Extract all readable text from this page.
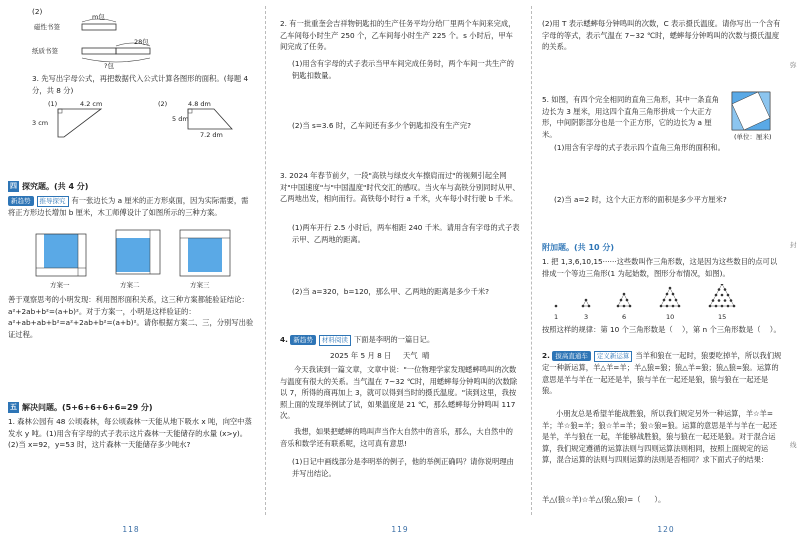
(2)
磁性书签
m包
纸质书签
28包
?包
3. 先写出字母公式，再把数据代入公式计算各图形的面积。(每题 4 分，共 8 分)
(1)	4.2 cm
3 cm
(2)	4.8 dm
5 dm
7.2 dm
四 探究题。(共 4 分)
新趋势 推导探究 有一张边长为 a 厘米的正方形桌面，因为实际需要，需将正方形边长增加 b 厘米，木工师傅设计了如图所示的三种方案。
方案一	方案二	方案三
善于观察思考的小明发现：利用图形面积关系，这三种方案都能验证结论：a²+2ab+b²=(a+b)²。对于方案一，小明是这样验证的：a²+ab+ab+b²=a²+2ab+b²=(a+b)²。请你根据方案二、三，分别写出验证过程。
五 解决问题。(5+6+6+6+6=29 分)
1. 森林公园有 48 公顷森林，每公顷森林一天能从地下吸水 x 吨，向空中蒸发水 y 吨。(1)用含有字母的式子表示这片森林一天能储存的水量 (x>y)。(2)当 x=92，y=53 时，这片森林一天能储存多少吨水?
118
2. 有一批重奎会吉祥物钥匙扣的生产任务平均分给厂里两个车间来完成，乙车间每小时生产 250 个，乙车间每小时生产 225 个。s 小时后，甲车间完成了任务。
(1)用含有字母的式子表示当甲车间完成任务时，两个车间一共生产的钥匙扣数量。
(2)当 s=3.6 时，乙车间还有多少个钥匙扣没有生产完?
3. 2024 年春节前夕，一段"高铁与绿皮火车擦肩而过"的视频引起全网对"中国速度"与"中国温度"时代交汇的感叹。当火车与高铁分别同时从甲、乙两地出发，相向而行。高铁每小时行 a 千米，火车每小时行驶 b 千米。
(1)两车开行 2.5 小时后，两车相距 240 千米。请用含有字母的式子表示甲、乙两地的距离。
(2)当 a=320，b=120，那么甲、乙两地的距离是多少千米?
4. 新趋势 材料阅读 下面是李明的一篇日记。
2025 年 5 月 8 日     天气  晴
今天我读到一篇文章，文章中说："一位物理学家发现蟋蟀鸣叫的次数与温度有很大的关系。当气温在 7~32 ℃时，用蟋蟀每分钟鸣叫的次数除以 7，所得的商再加上 3，就可以得到当时的摄氏温度。"读到这里，我按照上面的发现举例试了试，如果温度是 21 ℃，那么蟋蟀每分钟鸣叫 117 次。
我想，如果把蟋蟀的鸣叫声当作大自然中的音乐，那么，大自然中的音乐和数学还有联系呢，这可真有意思!
(1)日记中画线部分是李明举的例子，他的举例正确吗？请你说明理由并写出结论。
119
(2)用 T 表示蟋蟀每分钟鸣叫的次数，C 表示摄氏温度。请你写出一个含有字母的等式，表示气温在 7~32 ℃时，蟋蟀每分钟鸣叫的次数与摄氏温度的关系。
5. 如图，有四个完全相同的直角三角形，其中一条直角边长为 3 厘米，用这四个直角三角形拼成一个大正方形，中间阴影部分也是一个正方形，它的边长为 a 厘米。	(单位：厘米)
(1)用含有字母的式子表示四个直角三角形的面积和。
(2)当 a=2 时，这个大正方形的面积是多少平方厘米?
附加题。(共 10 分)
1. 把 1,3,6,10,15······这些数叫作三角形数，这是因为这些数目的点可以排成一个等边三角形(1 为起始数，图形分布情况，如图)。
1	3	6	10	15
按照这样的规律：第 10 个三角形数是（    ），第 n 个三角形数是（    ）。
2. 拔高直通车 定义新运算 当羊和狼在一起时，狼要吃掉羊，所以我们规定一种新运算，羊△羊=羊；羊△狼=狼；狼△羊=狼；狼△狼=狼。运算的意思是羊与羊在一起还是羊，狼与羊在一起还是狼，狼与狼在一起还是狼。
小朋友总是希望羊能战胜狼，所以我们规定另外一种运算，羊☆羊=羊；羊☆狼=羊；狼☆羊=羊；狼☆狼=狼。运算的意思是羊与羊在一起还是羊，羊与狼在一起，羊能够战胜狼，狼与狼在一起还是狼。对于混合运算，我们规定遵循的运算法则与四则运算法则相同，按照上面规定的运算，混合运算的法则与四则运算的法则是否相同？求下面式子的结果：
羊△(狼☆羊)☆羊△(狼△狼)=（      ）。
弥
封
线
120
